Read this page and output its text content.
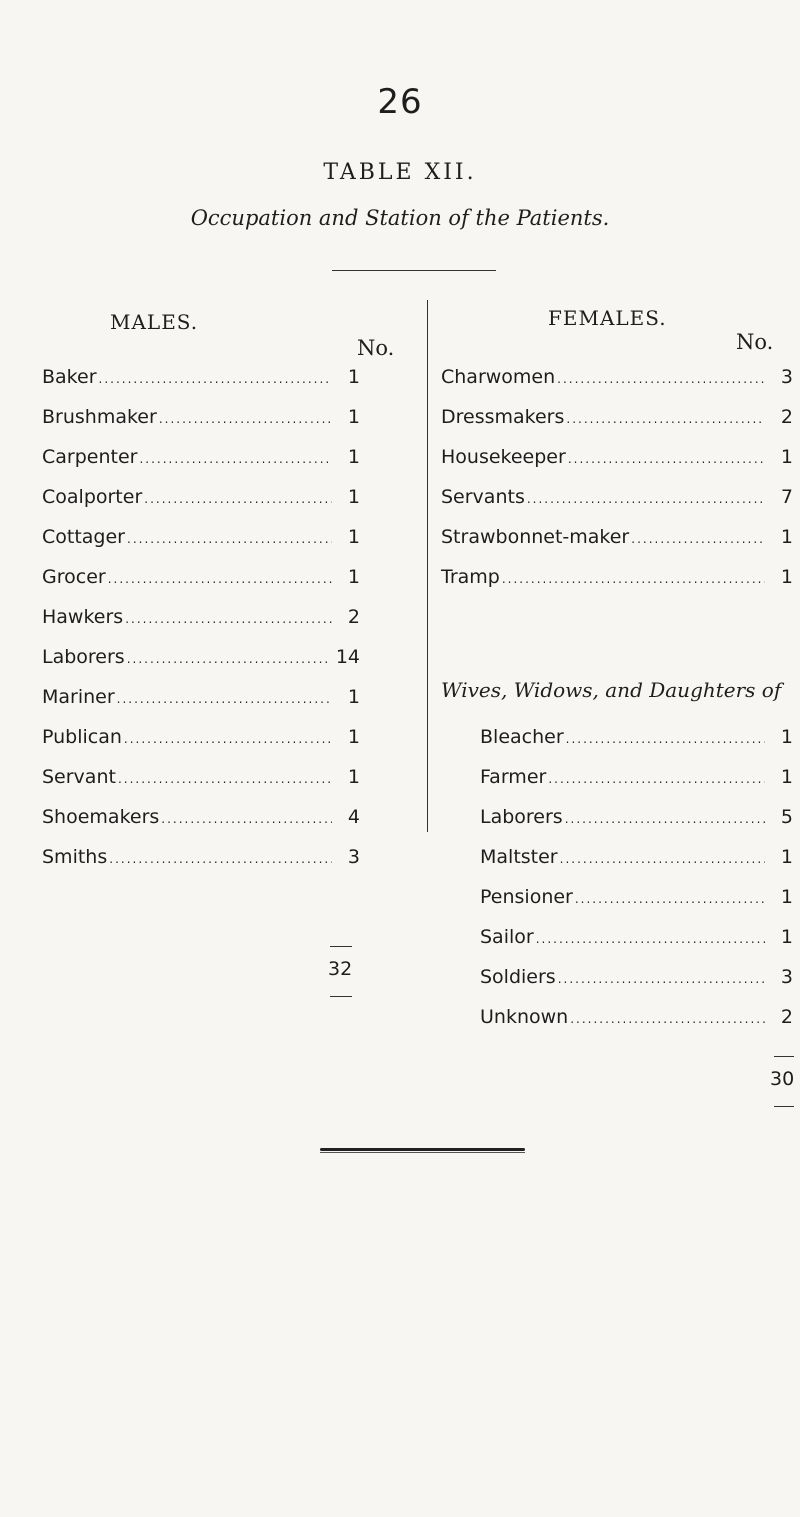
26
TABLE XII.
Occupation and Station of the Patients.
MALES.
No.
Baker .....	1
Brushmaker .....	1
Carpenter .....	1
Coalporter .....	1
Cottager .....	1
Grocer .....	1
Hawkers .....	2
Laborers .....	14
Mariner .....	1
Publican .....	1
Servant .....	1
Shoemakers .....	4
Smiths .....	3
32
FEMALES.
No.
Charwomen .....	3
Dressmakers .....	2
Housekeeper .....	1
Servants .....	7
Strawbonnet-maker .....	1
Tramp .....	1
Wives, Widows, and Daughters of
Bleacher .....	1
Farmer .....	1
Laborers .....	5
Maltster .....	1
Pensioner .....	1
Sailor .....	1
Soldiers .....	3
Unknown .....	2
30
